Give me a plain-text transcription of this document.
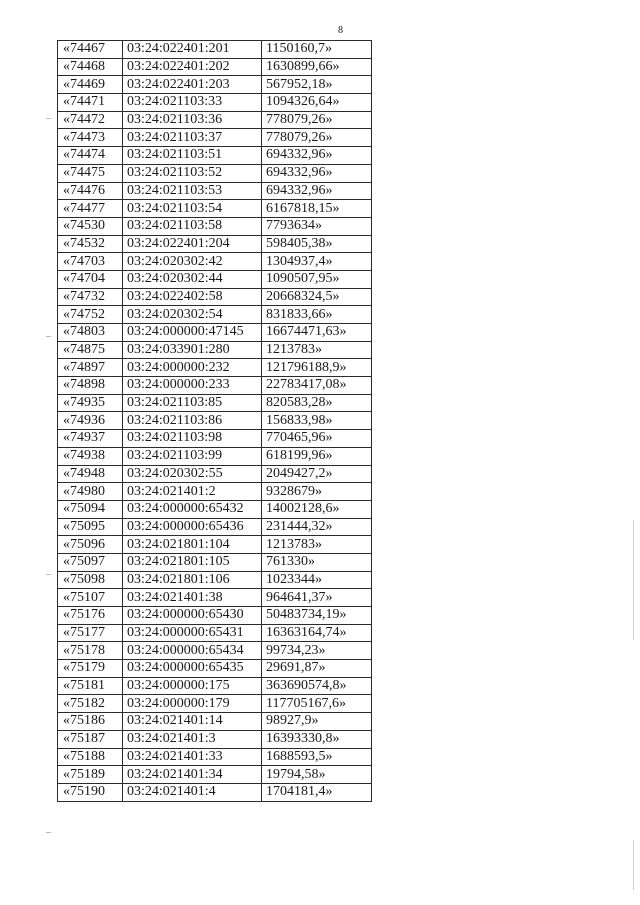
8
«74467	03:24:022401:201	1150160,7»
«74468	03:24:022401:202	1630899,66»
«74469	03:24:022401:203	567952,18»
«74471	03:24:021103:33	1094326,64»
«74472	03:24:021103:36	778079,26»
«74473	03:24:021103:37	778079,26»
«74474	03:24:021103:51	694332,96»
«74475	03:24:021103:52	694332,96»
«74476	03:24:021103:53	694332,96»
«74477	03:24:021103:54	6167818,15»
«74530	03:24:021103:58	7793634»
«74532	03:24:022401:204	598405,38»
«74703	03:24:020302:42	1304937,4»
«74704	03:24:020302:44	1090507,95»
«74732	03:24:022402:58	20668324,5»
«74752	03:24:020302:54	831833,66»
«74803	03:24:000000:47145	16674471,63»
«74875	03:24:033901:280	1213783»
«74897	03:24:000000:232	121796188,9»
«74898	03:24:000000:233	22783417,08»
«74935	03:24:021103:85	820583,28»
«74936	03:24:021103:86	156833,98»
«74937	03:24:021103:98	770465,96»
«74938	03:24:021103:99	618199,96»
«74948	03:24:020302:55	2049427,2»
«74980	03:24:021401:2	9328679»
«75094	03:24:000000:65432	14002128,6»
«75095	03:24:000000:65436	231444,32»
«75096	03:24:021801:104	1213783»
«75097	03:24:021801:105	761330»
«75098	03:24:021801:106	1023344»
«75107	03:24:021401:38	964641,37»
«75176	03:24:000000:65430	50483734,19»
«75177	03:24:000000:65431	16363164,74»
«75178	03:24:000000:65434	99734,23»
«75179	03:24:000000:65435	29691,87»
«75181	03:24:000000:175	363690574,8»
«75182	03:24:000000:179	117705167,6»
«75186	03:24:021401:14	98927,9»
«75187	03:24:021401:3	16393330,8»
«75188	03:24:021401:33	1688593,5»
«75189	03:24:021401:34	19794,58»
«75190	03:24:021401:4	1704181,4»
